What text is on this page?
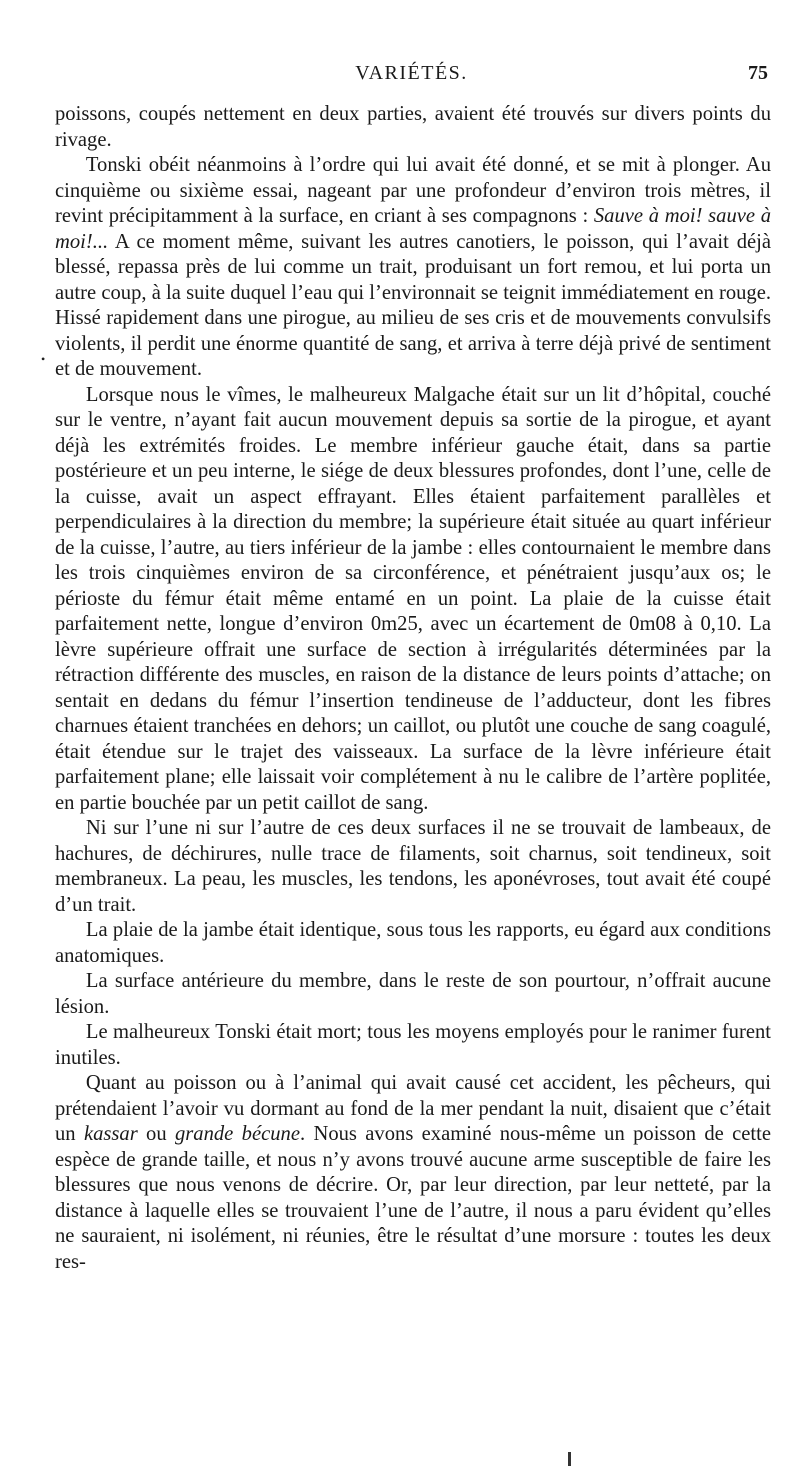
VARIÉTÉS.	75
•

poissons, coupés nettement en deux parties, avaient été trouvés sur divers points du rivage.

Tonski obéit néanmoins à l’ordre qui lui avait été donné, et se mit à plonger. Au cinquième ou sixième essai, nageant par une profondeur d’environ trois mètres, il revint précipitamment à la surface, en criant à ses compagnons : Sauve à moi! sauve à moi!... A ce moment même, suivant les autres canotiers, le poisson, qui l’avait déjà blessé, repassa près de lui comme un trait, produisant un fort remou, et lui porta un autre coup, à la suite duquel l’eau qui l’environnait se teignit immédiatement en rouge. Hissé rapidement dans une pirogue, au milieu de ses cris et de mouvements convulsifs violents, il perdit une énorme quantité de sang, et arriva à terre déjà privé de sentiment et de mouvement.

Lorsque nous le vîmes, le malheureux Malgache était sur un lit d’hôpital, couché sur le ventre, n’ayant fait aucun mouvement depuis sa sortie de la pirogue, et ayant déjà les extrémités froides. Le membre inférieur gauche était, dans sa partie postérieure et un peu interne, le siége de deux blessures profondes, dont l’une, celle de la cuisse, avait un aspect effrayant. Elles étaient parfaitement parallèles et perpendiculaires à la direction du membre; la supérieure était située au quart inférieur de la cuisse, l’autre, au tiers inférieur de la jambe : elles contournaient le membre dans les trois cinquièmes environ de sa circonférence, et pénétraient jusqu’aux os; le périoste du fémur était même entamé en un point. La plaie de la cuisse était parfaitement nette, longue d’environ 0m25, avec un écartement de 0m08 à 0,10. La lèvre supérieure offrait une surface de section à irrégularités déterminées par la rétraction différente des muscles, en raison de la distance de leurs points d’attache; on sentait en dedans du fémur l’insertion tendineuse de l’adducteur, dont les fibres charnues étaient tranchées en dehors; un caillot, ou plutôt une couche de sang coagulé, était étendue sur le trajet des vaisseaux. La surface de la lèvre inférieure était parfaitement plane; elle laissait voir complétement à nu le calibre de l’artère poplitée, en partie bouchée par un petit caillot de sang.

Ni sur l’une ni sur l’autre de ces deux surfaces il ne se trouvait de lambeaux, de hachures, de déchirures, nulle trace de filaments, soit charnus, soit tendineux, soit membraneux. La peau, les muscles, les tendons, les aponévroses, tout avait été coupé d’un trait.

La plaie de la jambe était identique, sous tous les rapports, eu égard aux conditions anatomiques.

La surface antérieure du membre, dans le reste de son pourtour, n’offrait aucune lésion.

Le malheureux Tonski était mort; tous les moyens employés pour le ranimer furent inutiles.

Quant au poisson ou à l’animal qui avait causé cet accident, les pêcheurs, qui prétendaient l’avoir vu dormant au fond de la mer pendant la nuit, disaient que c’était un kassar ou grande bécune. Nous avons examiné nous-même un poisson de cette espèce de grande taille, et nous n’y avons trouvé aucune arme susceptible de faire les blessures que nous venons de décrire. Or, par leur direction, par leur netteté, par la distance à laquelle elles se trouvaient l’une de l’autre, il nous a paru évident qu’elles ne sauraient, ni isolément, ni réunies, être le résultat d’une morsure : toutes les deux res-
